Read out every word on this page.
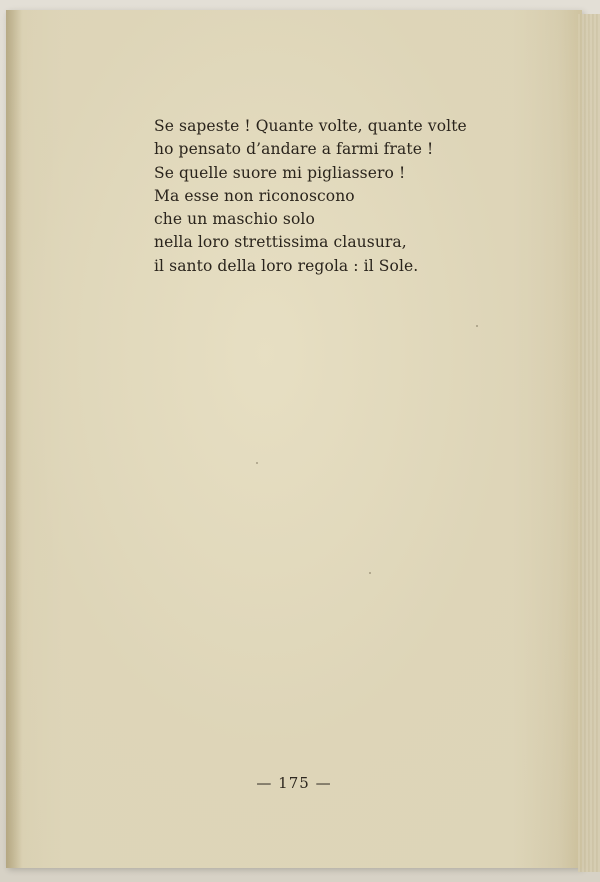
Se sapeste ! Quante volte, quante volte
ho pensato d’andare a farmi frate !
Se quelle suore mi pigliassero !
Ma esse non riconoscono
che un maschio solo
nella loro strettissima clausura,
il santo della loro regola : il Sole.
— 175 —
